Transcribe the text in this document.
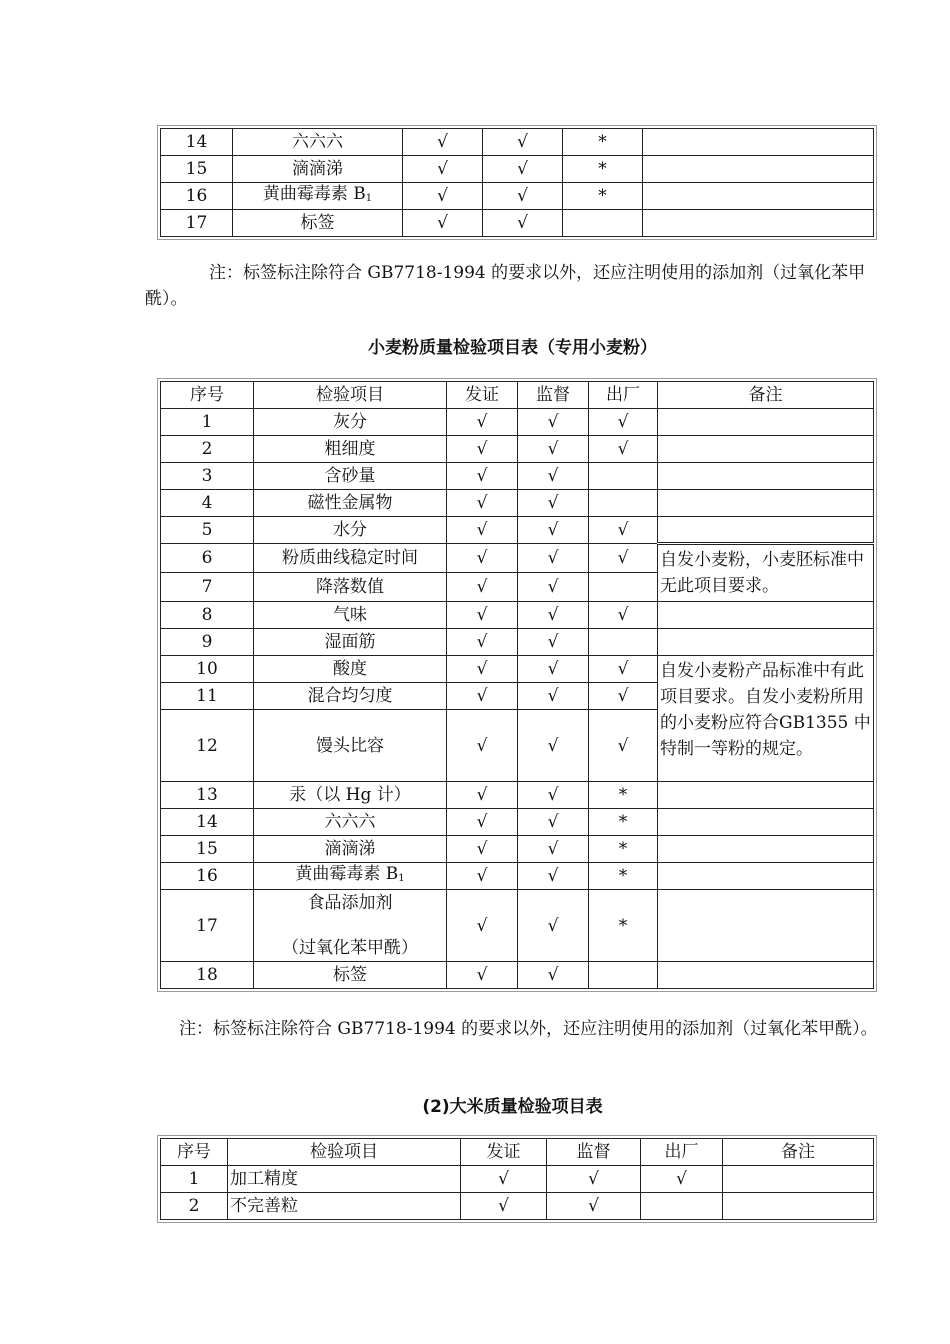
14	六六六	√	√	*	
15	滴滴涕	√	√	*	
16	黄曲霉毒素 $B_1$	√	√	*	
17	标签	√	√		

注：标签标注除符合 GB7718-1994 的要求以外，还应注明使用的添加剂（过氧化苯甲酰）。

小麦粉质量检验项目表（专用小麦粉）
序号	检验项目	发证	监督	出厂	备注
1	灰分	√	√	√	
2	粗细度	√	√	√	
3	含砂量	√	√		
4	磁性金属物	√	√		
5	水分	√	√	√	
6	粉质曲线稳定时间	√	√	√	自发小麦粉，小麦胚标准中无此项目要求。
7	降落数值	√	√		
8	气味	√	√	√	
9	湿面筋	√	√		
10	酸度	√	√	√	自发小麦粉产品标准中有此项目要求。自发小麦粉所用的小麦粉应符合GB1355 中特制一等粉的规定。
11	混合均匀度	√	√	√	
12	馒头比容	√	√	√	
13	汞（以 Hg 计）	√	√	*	
14	六六六	√	√	*	
15	滴滴涕	√	√	*	
16	黄曲霉毒素 $B_1$	√	√	*	
17	食品添加剂
（过氧化苯甲酰）	√	√	*	
18	标签	√	√		

注：标签标注除符合 GB7718-1994 的要求以外，还应注明使用的添加剂（过氧化苯甲酰）。

(2)大米质量检验项目表
序号	检验项目	发证	监督	出厂	备注
1	加工精度	√	√	√	
2	不完善粒	√	√		
